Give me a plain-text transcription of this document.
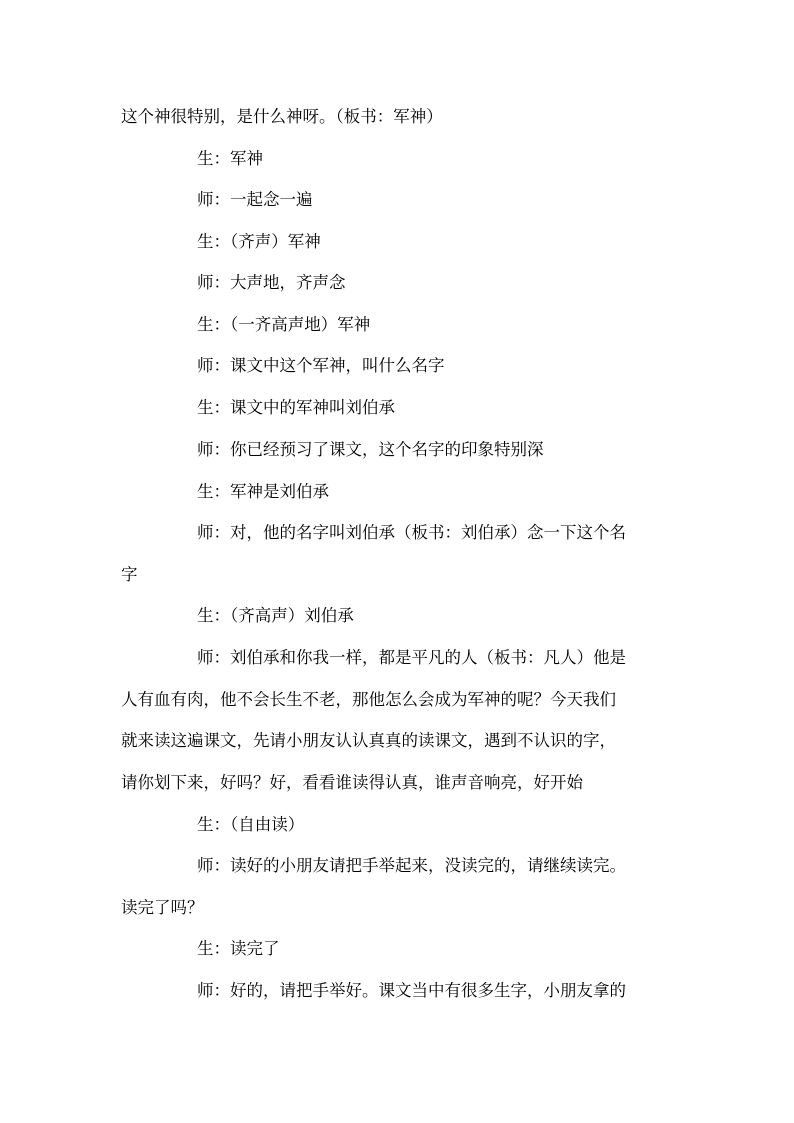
这个神很特别，是什么神呀。（板书：军神）
生：军神
师：一起念一遍
生：（齐声）军神
师：大声地，齐声念
生：（一齐高声地）军神
师：课文中这个军神，叫什么名字
生：课文中的军神叫刘伯承
师：你已经预习了课文，这个名字的印象特别深
生：军神是刘伯承
师：对，他的名字叫刘伯承（板书：刘伯承）念一下这个名
字
生：（齐高声）刘伯承
师：刘伯承和你我一样，都是平凡的人（板书：凡人）他是
人有血有肉，他不会长生不老，那他怎么会成为军神的呢？今天我们
就来读这遍课文，先请小朋友认认真真的读课文，遇到不认识的字，
请你划下来，好吗？好，看看谁读得认真，谁声音响亮，好开始
生：（自由读）
师：读好的小朋友请把手举起来，没读完的，请继续读完。
读完了吗？
生：读完了
师：好的，请把手举好。课文当中有很多生字，小朋友拿的
